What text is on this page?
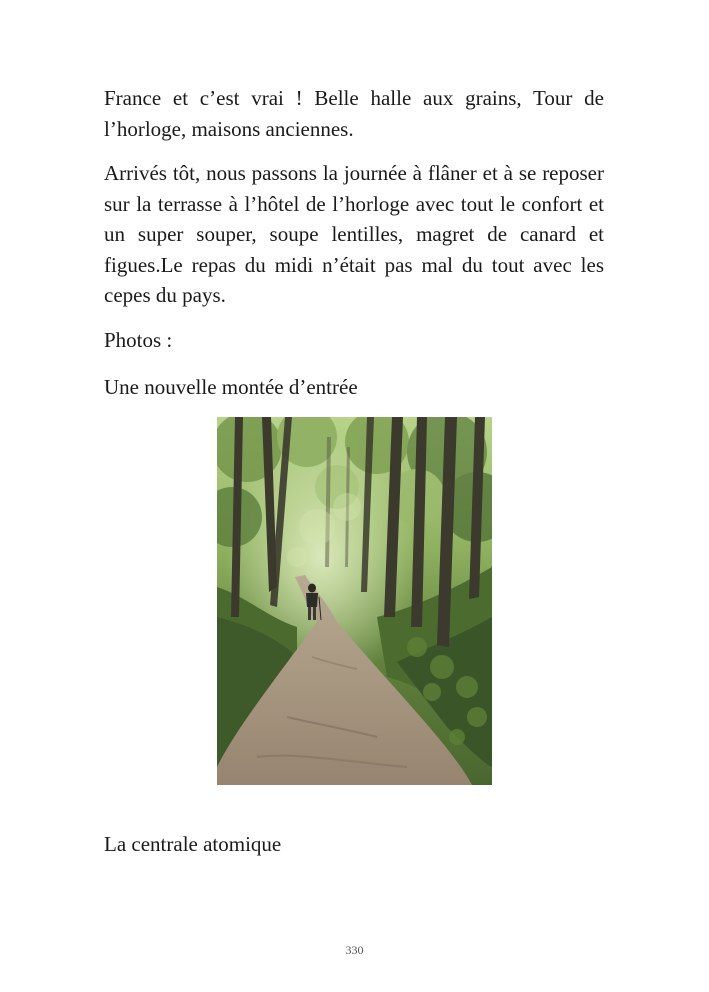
France et c’est vrai ! Belle halle aux grains, Tour de l’horloge, maisons anciennes.

Arrivés tôt, nous passons la journée à flâner et à se reposer sur la terrasse à l’hôtel de l’horloge avec tout le confort et un super souper, soupe lentilles, magret de canard et figues.Le repas du midi n’était pas mal du tout avec les cepes du pays.

Photos :

Une nouvelle montée d’entrée

La centrale atomique

330
